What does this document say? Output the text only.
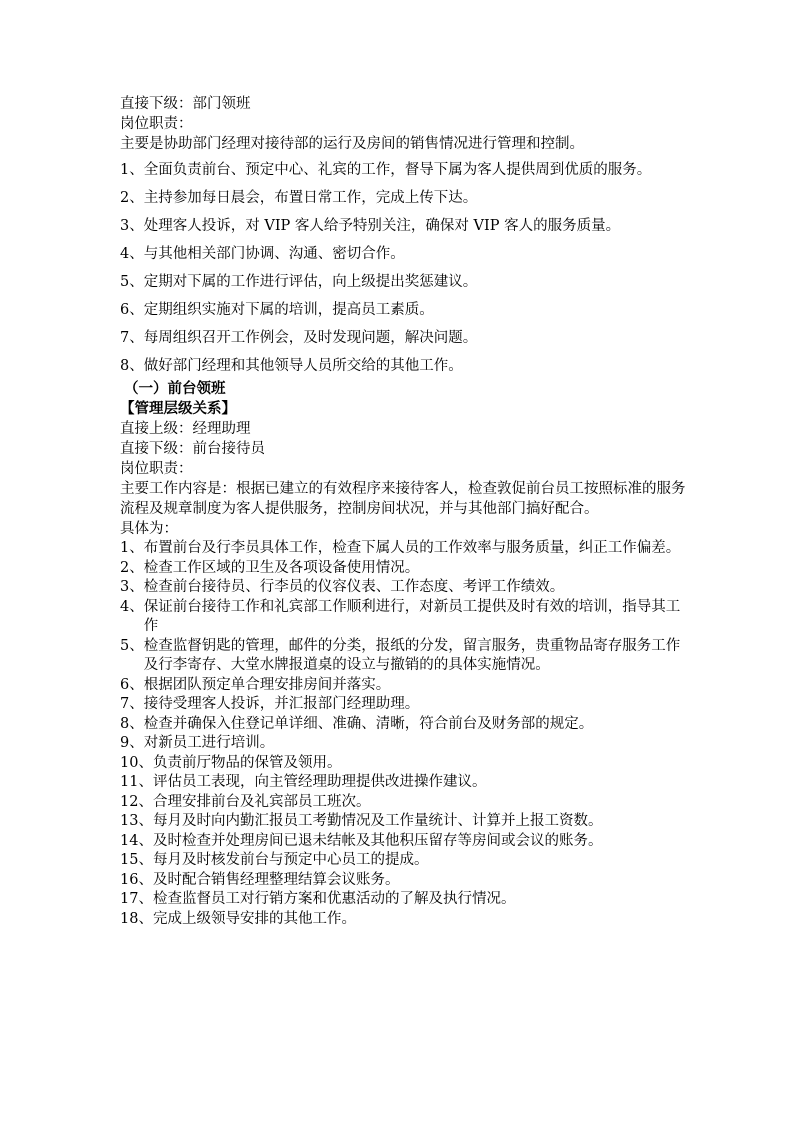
直接下级：部门领班
岗位职责：
主要是协助部门经理对接待部的运行及房间的销售情况进行管理和控制。
1、全面负责前台、预定中心、礼宾的工作，督导下属为客人提供周到优质的服务。
2、主持参加每日晨会，布置日常工作，完成上传下达。
3、处理客人投诉，对 VIP 客人给予特别关注，确保对 VIP 客人的服务质量。
4、与其他相关部门协调、沟通、密切合作。
5、定期对下属的工作进行评估，向上级提出奖惩建议。
6、定期组织实施对下属的培训，提高员工素质。
7、每周组织召开工作例会，及时发现问题，解决问题。
8、做好部门经理和其他领导人员所交给的其他工作。
（一）前台领班
【管理层级关系】
直接上级：经理助理
直接下级：前台接待员
岗位职责：
主要工作内容是：根据已建立的有效程序来接待客人，检查敦促前台员工按照标准的服务流程及规章制度为客人提供服务，控制房间状况，并与其他部门搞好配合。
具体为：
1、 布置前台及行李员具体工作，检查下属人员的工作效率与服务质量，纠正工作偏差。
2、 检查工作区域的卫生及各项设备使用情况。
3、 检查前台接待员、行李员的仪容仪表、工作态度、考评工作绩效。
4、 保证前台接待工作和礼宾部工作顺利进行，对新员工提供及时有效的培训，指导其工作
5、 检查监督钥匙的管理，邮件的分类，报纸的分发，留言服务，贵重物品寄存服务工作及行李寄存、大堂水牌报道桌的设立与撤销的的具体实施情况。
6、 根据团队预定单合理安排房间并落实。
7、 接待受理客人投诉，并汇报部门经理助理。
8、 检查并确保入住登记单详细、准确、清晰，符合前台及财务部的规定。
9、 对新员工进行培训。
10、 负责前厅物品的保管及领用。
11、 评估员工表现，向主管经理助理提供改进操作建议。
12、 合理安排前台及礼宾部员工班次。
13、 每月及时向内勤汇报员工考勤情况及工作量统计、计算并上报工资数。
14、 及时检查并处理房间已退未结帐及其他积压留存等房间或会议的账务。
15、 每月及时核发前台与预定中心员工的提成。
16、 及时配合销售经理整理结算会议账务。
17、 检查监督员工对行销方案和优惠活动的了解及执行情况。
18、 完成上级领导安排的其他工作。
